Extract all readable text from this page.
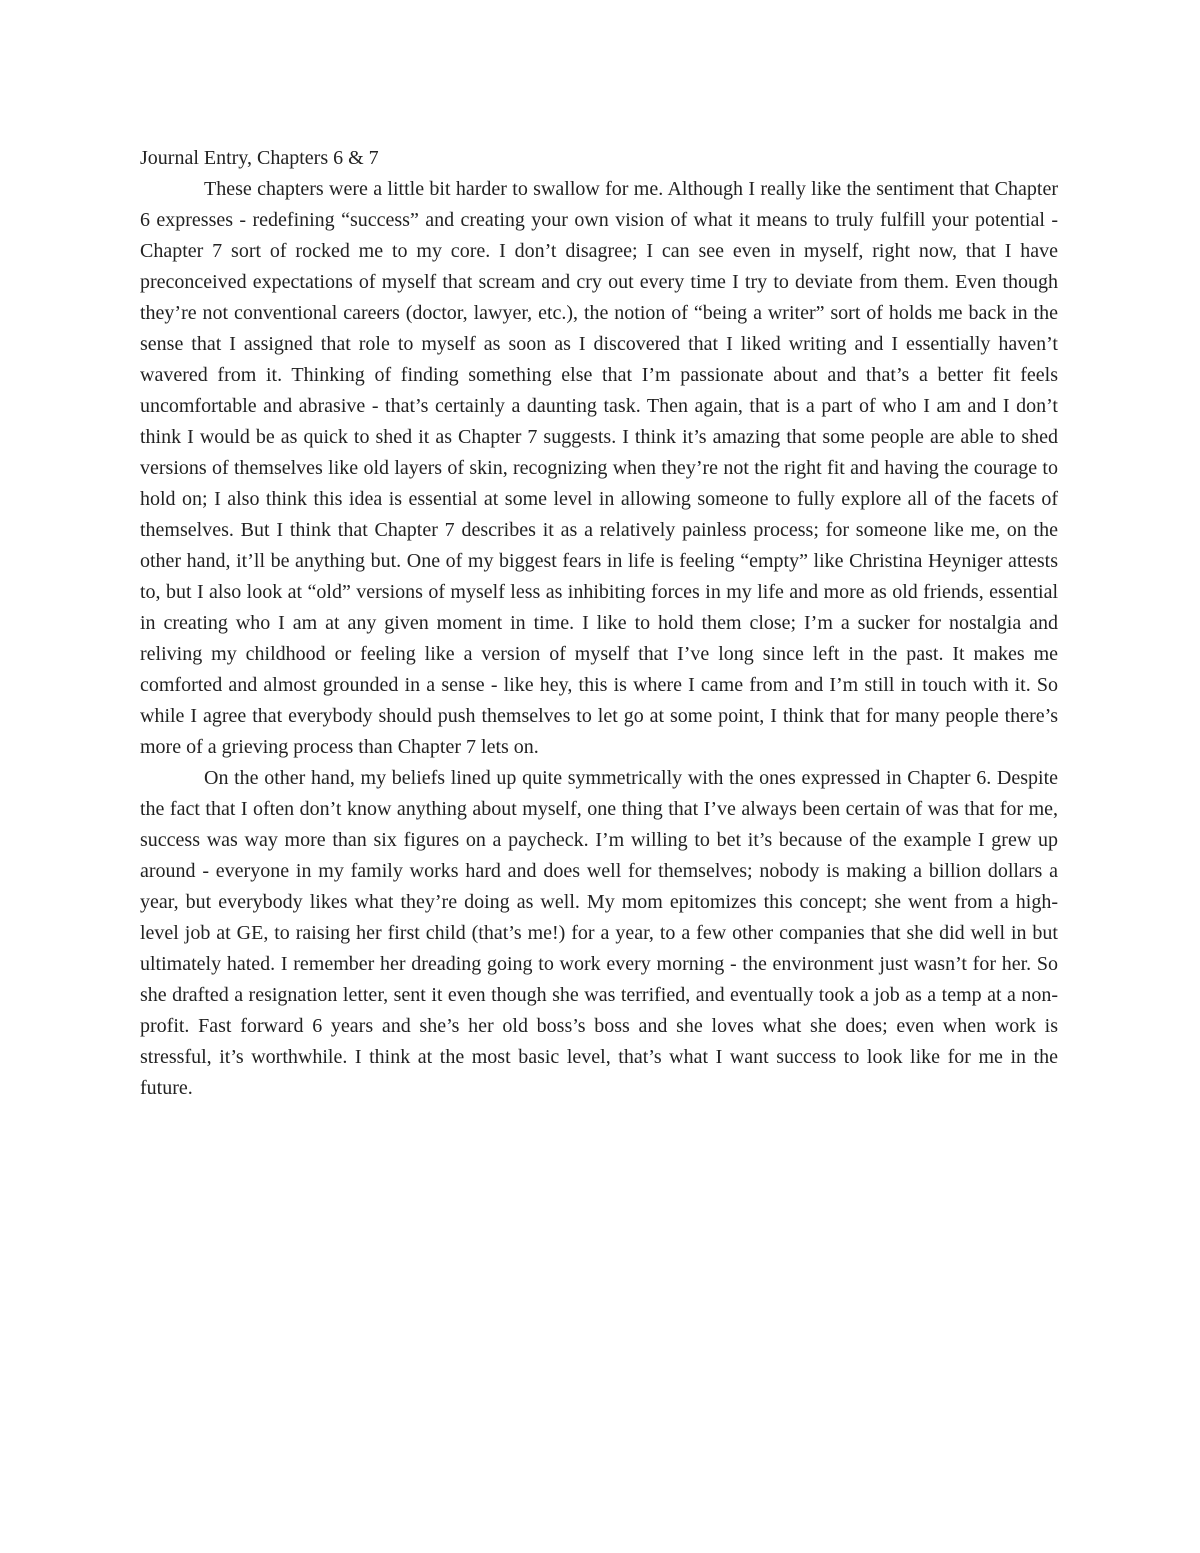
Journal Entry, Chapters 6 & 7

These chapters were a little bit harder to swallow for me. Although I really like the sentiment that Chapter 6 expresses - redefining “success” and creating your own vision of what it means to truly fulfill your potential - Chapter 7 sort of rocked me to my core. I don’t disagree; I can see even in myself, right now, that I have preconceived expectations of myself that scream and cry out every time I try to deviate from them. Even though they’re not conventional careers (doctor, lawyer, etc.), the notion of “being a writer” sort of holds me back in the sense that I assigned that role to myself as soon as I discovered that I liked writing and I essentially haven’t wavered from it. Thinking of finding something else that I’m passionate about and that’s a better fit feels uncomfortable and abrasive - that’s certainly a daunting task. Then again, that is a part of who I am and I don’t think I would be as quick to shed it as Chapter 7 suggests. I think it’s amazing that some people are able to shed versions of themselves like old layers of skin, recognizing when they’re not the right fit and having the courage to hold on; I also think this idea is essential at some level in allowing someone to fully explore all of the facets of themselves. But I think that Chapter 7 describes it as a relatively painless process; for someone like me, on the other hand, it’ll be anything but. One of my biggest fears in life is feeling “empty” like Christina Heyniger attests to, but I also look at “old” versions of myself less as inhibiting forces in my life and more as old friends, essential in creating who I am at any given moment in time. I like to hold them close; I’m a sucker for nostalgia and reliving my childhood or feeling like a version of myself that I’ve long since left in the past. It makes me comforted and almost grounded in a sense - like hey, this is where I came from and I’m still in touch with it. So while I agree that everybody should push themselves to let go at some point, I think that for many people there’s more of a grieving process than Chapter 7 lets on.

On the other hand, my beliefs lined up quite symmetrically with the ones expressed in Chapter 6. Despite the fact that I often don’t know anything about myself, one thing that I’ve always been certain of was that for me, success was way more than six figures on a paycheck. I’m willing to bet it’s because of the example I grew up around - everyone in my family works hard and does well for themselves; nobody is making a billion dollars a year, but everybody likes what they’re doing as well. My mom epitomizes this concept; she went from a high-level job at GE, to raising her first child (that’s me!) for a year, to a few other companies that she did well in but ultimately hated. I remember her dreading going to work every morning - the environment just wasn’t for her. So she drafted a resignation letter, sent it even though she was terrified, and eventually took a job as a temp at a non-profit. Fast forward 6 years and she’s her old boss’s boss and she loves what she does; even when work is stressful, it’s worthwhile. I think at the most basic level, that’s what I want success to look like for me in the future.
